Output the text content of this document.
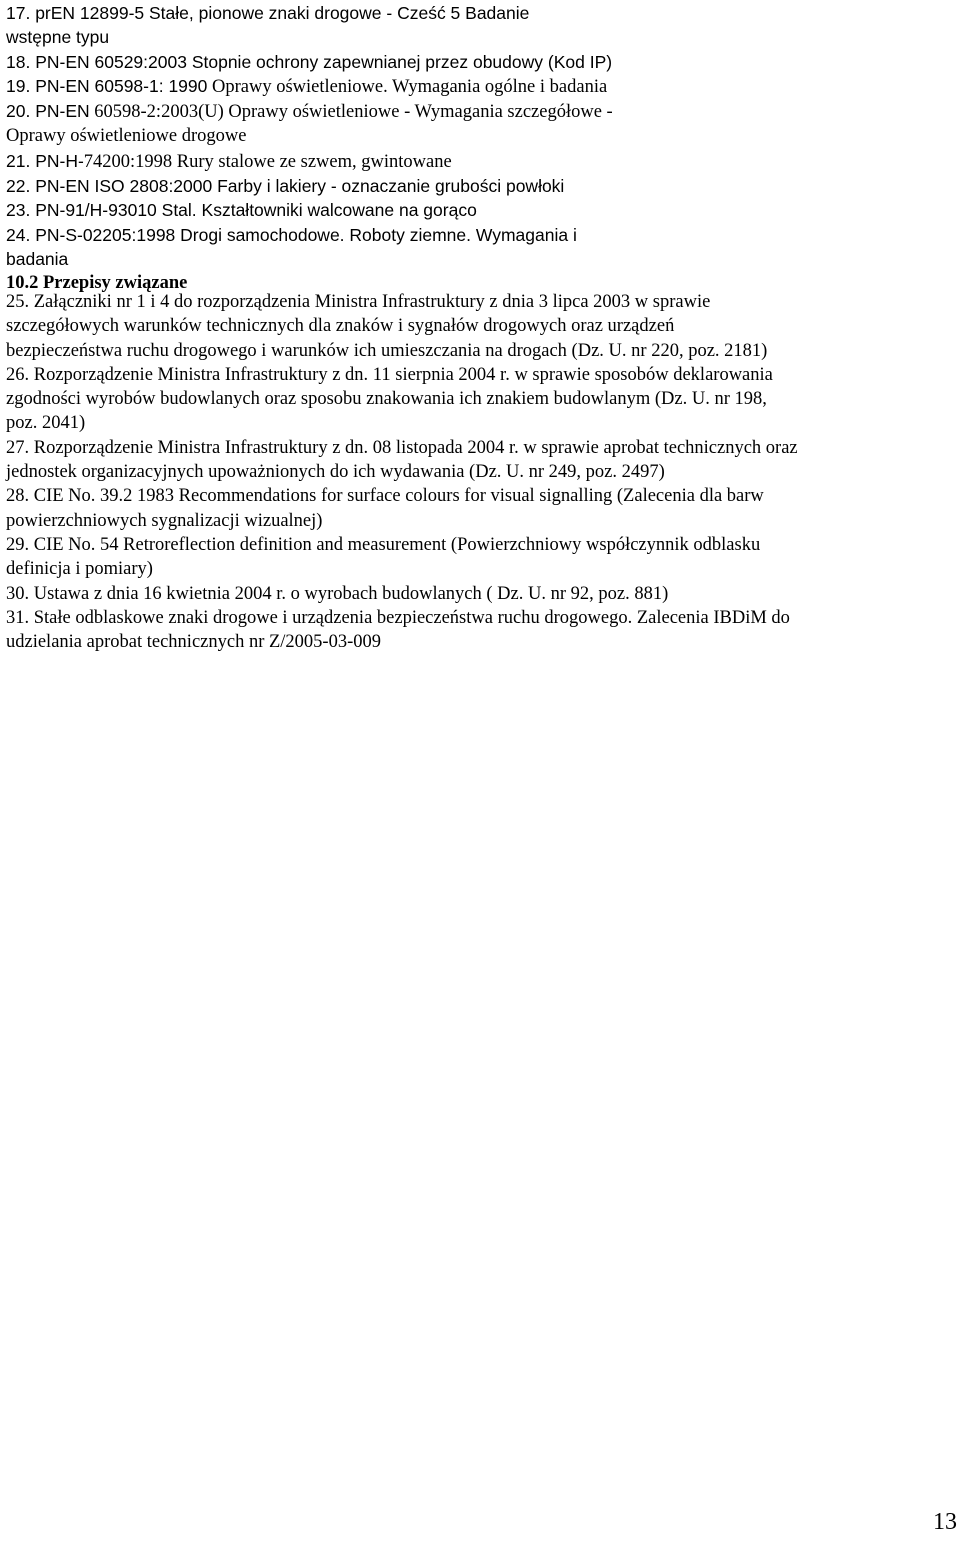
17. prEN 12899-5 Stałe, pionowe znaki drogowe - Cześć 5 Badanie
wstępne typu
18. PN-EN 60529:2003 Stopnie ochrony zapewnianej przez obudowy (Kod IP)
19. PN-EN 60598-1: 1990 Oprawy oświetleniowe. Wymagania ogólne i badania
20. PN-EN 60598-2:2003(U) Oprawy oświetleniowe - Wymagania szczegółowe -
Oprawy oświetleniowe drogowe
21. PN-H-74200:1998 Rury stalowe ze szwem, gwintowane
22. PN-EN ISO 2808:2000 Farby i lakiery - oznaczanie grubości powłoki
23. PN-91/H-93010 Stal. Kształtowniki walcowane na gorąco
24. PN-S-02205:1998 Drogi samochodowe. Roboty ziemne. Wymagania i
badania
10.2 Przepisy związane
25. Załączniki nr 1 i 4 do rozporządzenia Ministra Infrastruktury z dnia 3 lipca 2003 w sprawie
szczegółowych warunków technicznych dla znaków i sygnałów drogowych oraz urządzeń
bezpieczeństwa ruchu drogowego i warunków ich umieszczania na drogach (Dz. U. nr 220, poz. 2181)
26. Rozporządzenie Ministra Infrastruktury z dn. 11 sierpnia 2004 r. w sprawie sposobów deklarowania
zgodności wyrobów budowlanych oraz sposobu znakowania ich znakiem budowlanym (Dz. U. nr 198,
poz. 2041)
27. Rozporządzenie Ministra Infrastruktury z dn. 08 listopada 2004 r. w sprawie aprobat technicznych oraz
jednostek organizacyjnych upoważnionych do ich wydawania (Dz. U. nr 249, poz. 2497)
28. CIE No. 39.2 1983 Recommendations for surface colours for visual signalling (Zalecenia dla barw
powierzchniowych sygnalizacji wizualnej)
29. CIE No. 54 Retroreflection definition and measurement (Powierzchniowy współczynnik odblasku
definicja i pomiary)
30. Ustawa z dnia 16 kwietnia 2004 r. o wyrobach budowlanych ( Dz. U. nr 92, poz. 881)
31. Stałe odblaskowe znaki drogowe i urządzenia bezpieczeństwa ruchu drogowego. Zalecenia IBDiM do
udzielania aprobat technicznych nr Z/2005-03-009
13
